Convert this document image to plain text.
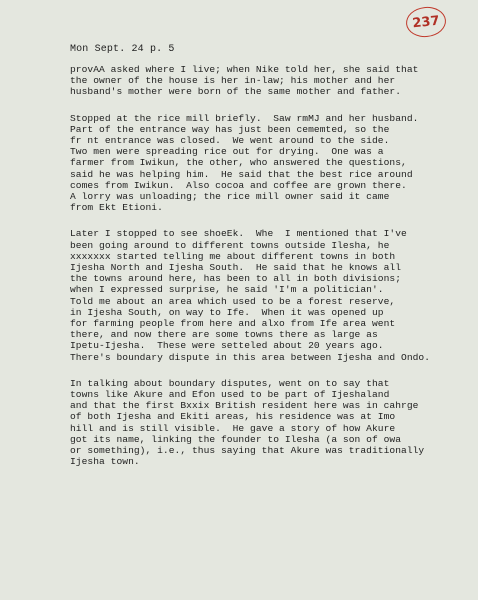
237
Mon Sept. 24 p. 5
provAA asked where I live; when Nike told her, she said that
the owner of the house is her in-law; his mother and her
husband's mother were born of the same mother and father.
Stopped at the rice mill briefly.  Saw rmMJ and her husband.
Part of the entrance way has just been cememted, so the
fr nt entrance was closed.  We went around to the side.
Two men were spreading rice out for drying.  One was a
farmer from Iwikun, the other, who answered the questions,
said he was helping him.  He said that the best rice around
comes from Iwikun.  Also cocoa and coffee are grown there.
A lorry was unloading; the rice mill owner said it came
from Ekt Etioni.
Later I stopped to see shoeEk.  Whe  I mentioned that I've
been going around to different towns outside Ilesha, he
xxxxxxx started telling me about different towns in both
Ijesha North and Ijesha South.  He said that he knows all
the towns around here, has been to all in both divisions;
when I expressed surprise, he said 'I'm a politician'.
Told me about an area which used to be a forest reserve,
in Ijesha South, on way to Ife.  When it was opened up
for farming people from here and alxo from Ife area went
there, and now there are some towns there as large as
Ipetu-Ijesha.  These were setteled about 20 years ago.
There's boundary dispute in this area between Ijesha and Ondo.
In talking about boundary disputes, went on to say that
towns like Akure and Efon used to be part of Ijeshaland
and that the first Bxxix British resident here was in cahrge
of both Ijesha and Ekiti areas, his residence was at Imo
hill and is still visible.  He gave a story of how Akure
got its name, linking the founder to Ilesha (a son of owa
or something), i.e., thus saying that Akure was traditionally
Ijesha town.
